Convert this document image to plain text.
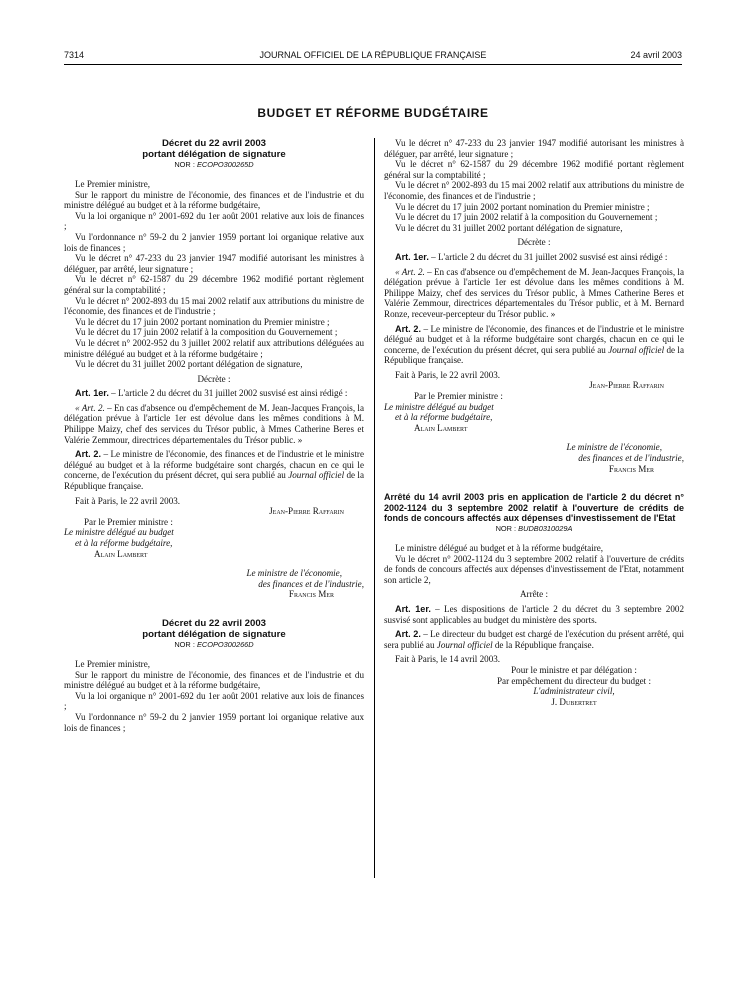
7314	JOURNAL OFFICIEL DE LA RÉPUBLIQUE FRANÇAISE	24 avril 2003
BUDGET ET RÉFORME BUDGÉTAIRE
Décret du 22 avril 2003
portant délégation de signature
NOR : ECOPO300265D

Le Premier ministre,

Sur le rapport du ministre de l'économie, des finances et de l'industrie et du ministre délégué au budget et à la réforme budgétaire,

Vu la loi organique n° 2001-692 du 1er août 2001 relative aux lois de finances ;

Vu l'ordonnance n° 59-2 du 2 janvier 1959 portant loi organique relative aux lois de finances ;

Vu le décret n° 47-233 du 23 janvier 1947 modifié autorisant les ministres à déléguer, par arrêté, leur signature ;

Vu le décret n° 62-1587 du 29 décembre 1962 modifié portant règlement général sur la comptabilité ;

Vu le décret n° 2002-893 du 15 mai 2002 relatif aux attributions du ministre de l'économie, des finances et de l'industrie ;

Vu le décret du 17 juin 2002 portant nomination du Premier ministre ;

Vu le décret du 17 juin 2002 relatif à la composition du Gouvernement ;

Vu le décret n° 2002-952 du 3 juillet 2002 relatif aux attributions déléguées au ministre délégué au budget et à la réforme budgétaire ;

Vu le décret du 31 juillet 2002 portant délégation de signature,

Décrète :

Art. 1er. – L'article 2 du décret du 31 juillet 2002 susvisé est ainsi rédigé :

« Art. 2. – En cas d'absence ou d'empêchement de M. Jean-Jacques François, la délégation prévue à l'article 1er est dévolue dans les mêmes conditions à M. Philippe Maizy, chef des services du Trésor public, à Mmes Catherine Beres et Valérie Zemmour, directrices départementales du Trésor public. »

Art. 2. – Le ministre de l'économie, des finances et de l'industrie et le ministre délégué au budget et à la réforme budgétaire sont chargés, chacun en ce qui le concerne, de l'exécution du présent décret, qui sera publié au Journal officiel de la République française.

Fait à Paris, le 22 avril 2003.

Jean-Pierre Raffarin

Par le Premier ministre :

Le ministre délégué au budget

et à la réforme budgétaire,

Alain Lambert

Le ministre de l'économie,

des finances et de l'industrie,

Francis Mer

Décret du 22 avril 2003
portant délégation de signature
NOR : ECOPO300266D

Le Premier ministre,

Sur le rapport du ministre de l'économie, des finances et de l'industrie et du ministre délégué au budget et à la réforme budgétaire,

Vu la loi organique n° 2001-692 du 1er août 2001 relative aux lois de finances ;

Vu l'ordonnance n° 59-2 du 2 janvier 1959 portant loi organique relative aux lois de finances ;

Vu le décret n° 47-233 du 23 janvier 1947 modifié autorisant les ministres à déléguer, par arrêté, leur signature ;

Vu le décret n° 62-1587 du 29 décembre 1962 modifié portant règlement général sur la comptabilité ;

Vu le décret n° 2002-893 du 15 mai 2002 relatif aux attributions du ministre de l'économie, des finances et de l'industrie ;

Vu le décret du 17 juin 2002 portant nomination du Premier ministre ;

Vu le décret du 17 juin 2002 relatif à la composition du Gouvernement ;

Vu le décret du 31 juillet 2002 portant délégation de signature,

Décrète :

Art. 1er. – L'article 2 du décret du 31 juillet 2002 susvisé est ainsi rédigé :

« Art. 2. – En cas d'absence ou d'empêchement de M. Jean-Jacques François, la délégation prévue à l'article 1er est dévolue dans les mêmes conditions à M. Philippe Maizy, chef des services du Trésor public, à Mmes Catherine Beres et Valérie Zemmour, directrices départementales du Trésor public, et à M. Bernard Ronze, receveur-percepteur du Trésor public. »

Art. 2. – Le ministre de l'économie, des finances et de l'industrie et le ministre délégué au budget et à la réforme budgétaire sont chargés, chacun en ce qui le concerne, de l'exécution du présent décret, qui sera publié au Journal officiel de la République française.

Fait à Paris, le 22 avril 2003.

Jean-Pierre Raffarin

Par le Premier ministre :

Le ministre délégué au budget

et à la réforme budgétaire,

Alain Lambert

Le ministre de l'économie,

des finances et de l'industrie,

Francis Mer

Arrêté du 14 avril 2003 pris en application de l'article 2 du décret n° 2002-1124 du 3 septembre 2002 relatif à l'ouverture de crédits de fonds de concours affectés aux dépenses d'investissement de l'Etat
NOR : BUDB0310029A

Le ministre délégué au budget et à la réforme budgétaire,

Vu le décret n° 2002-1124 du 3 septembre 2002 relatif à l'ouverture de crédits de fonds de concours affectés aux dépenses d'investissement de l'Etat, notamment son article 2,

Arrête :

Art. 1er. – Les dispositions de l'article 2 du décret du 3 septembre 2002 susvisé sont applicables au budget du ministère des sports.

Art. 2. – Le directeur du budget est chargé de l'exécution du présent arrêté, qui sera publié au Journal officiel de la République française.

Fait à Paris, le 14 avril 2003.

Pour le ministre et par délégation :

Par empêchement du directeur du budget :

L'administrateur civil,

J. Dubertret
